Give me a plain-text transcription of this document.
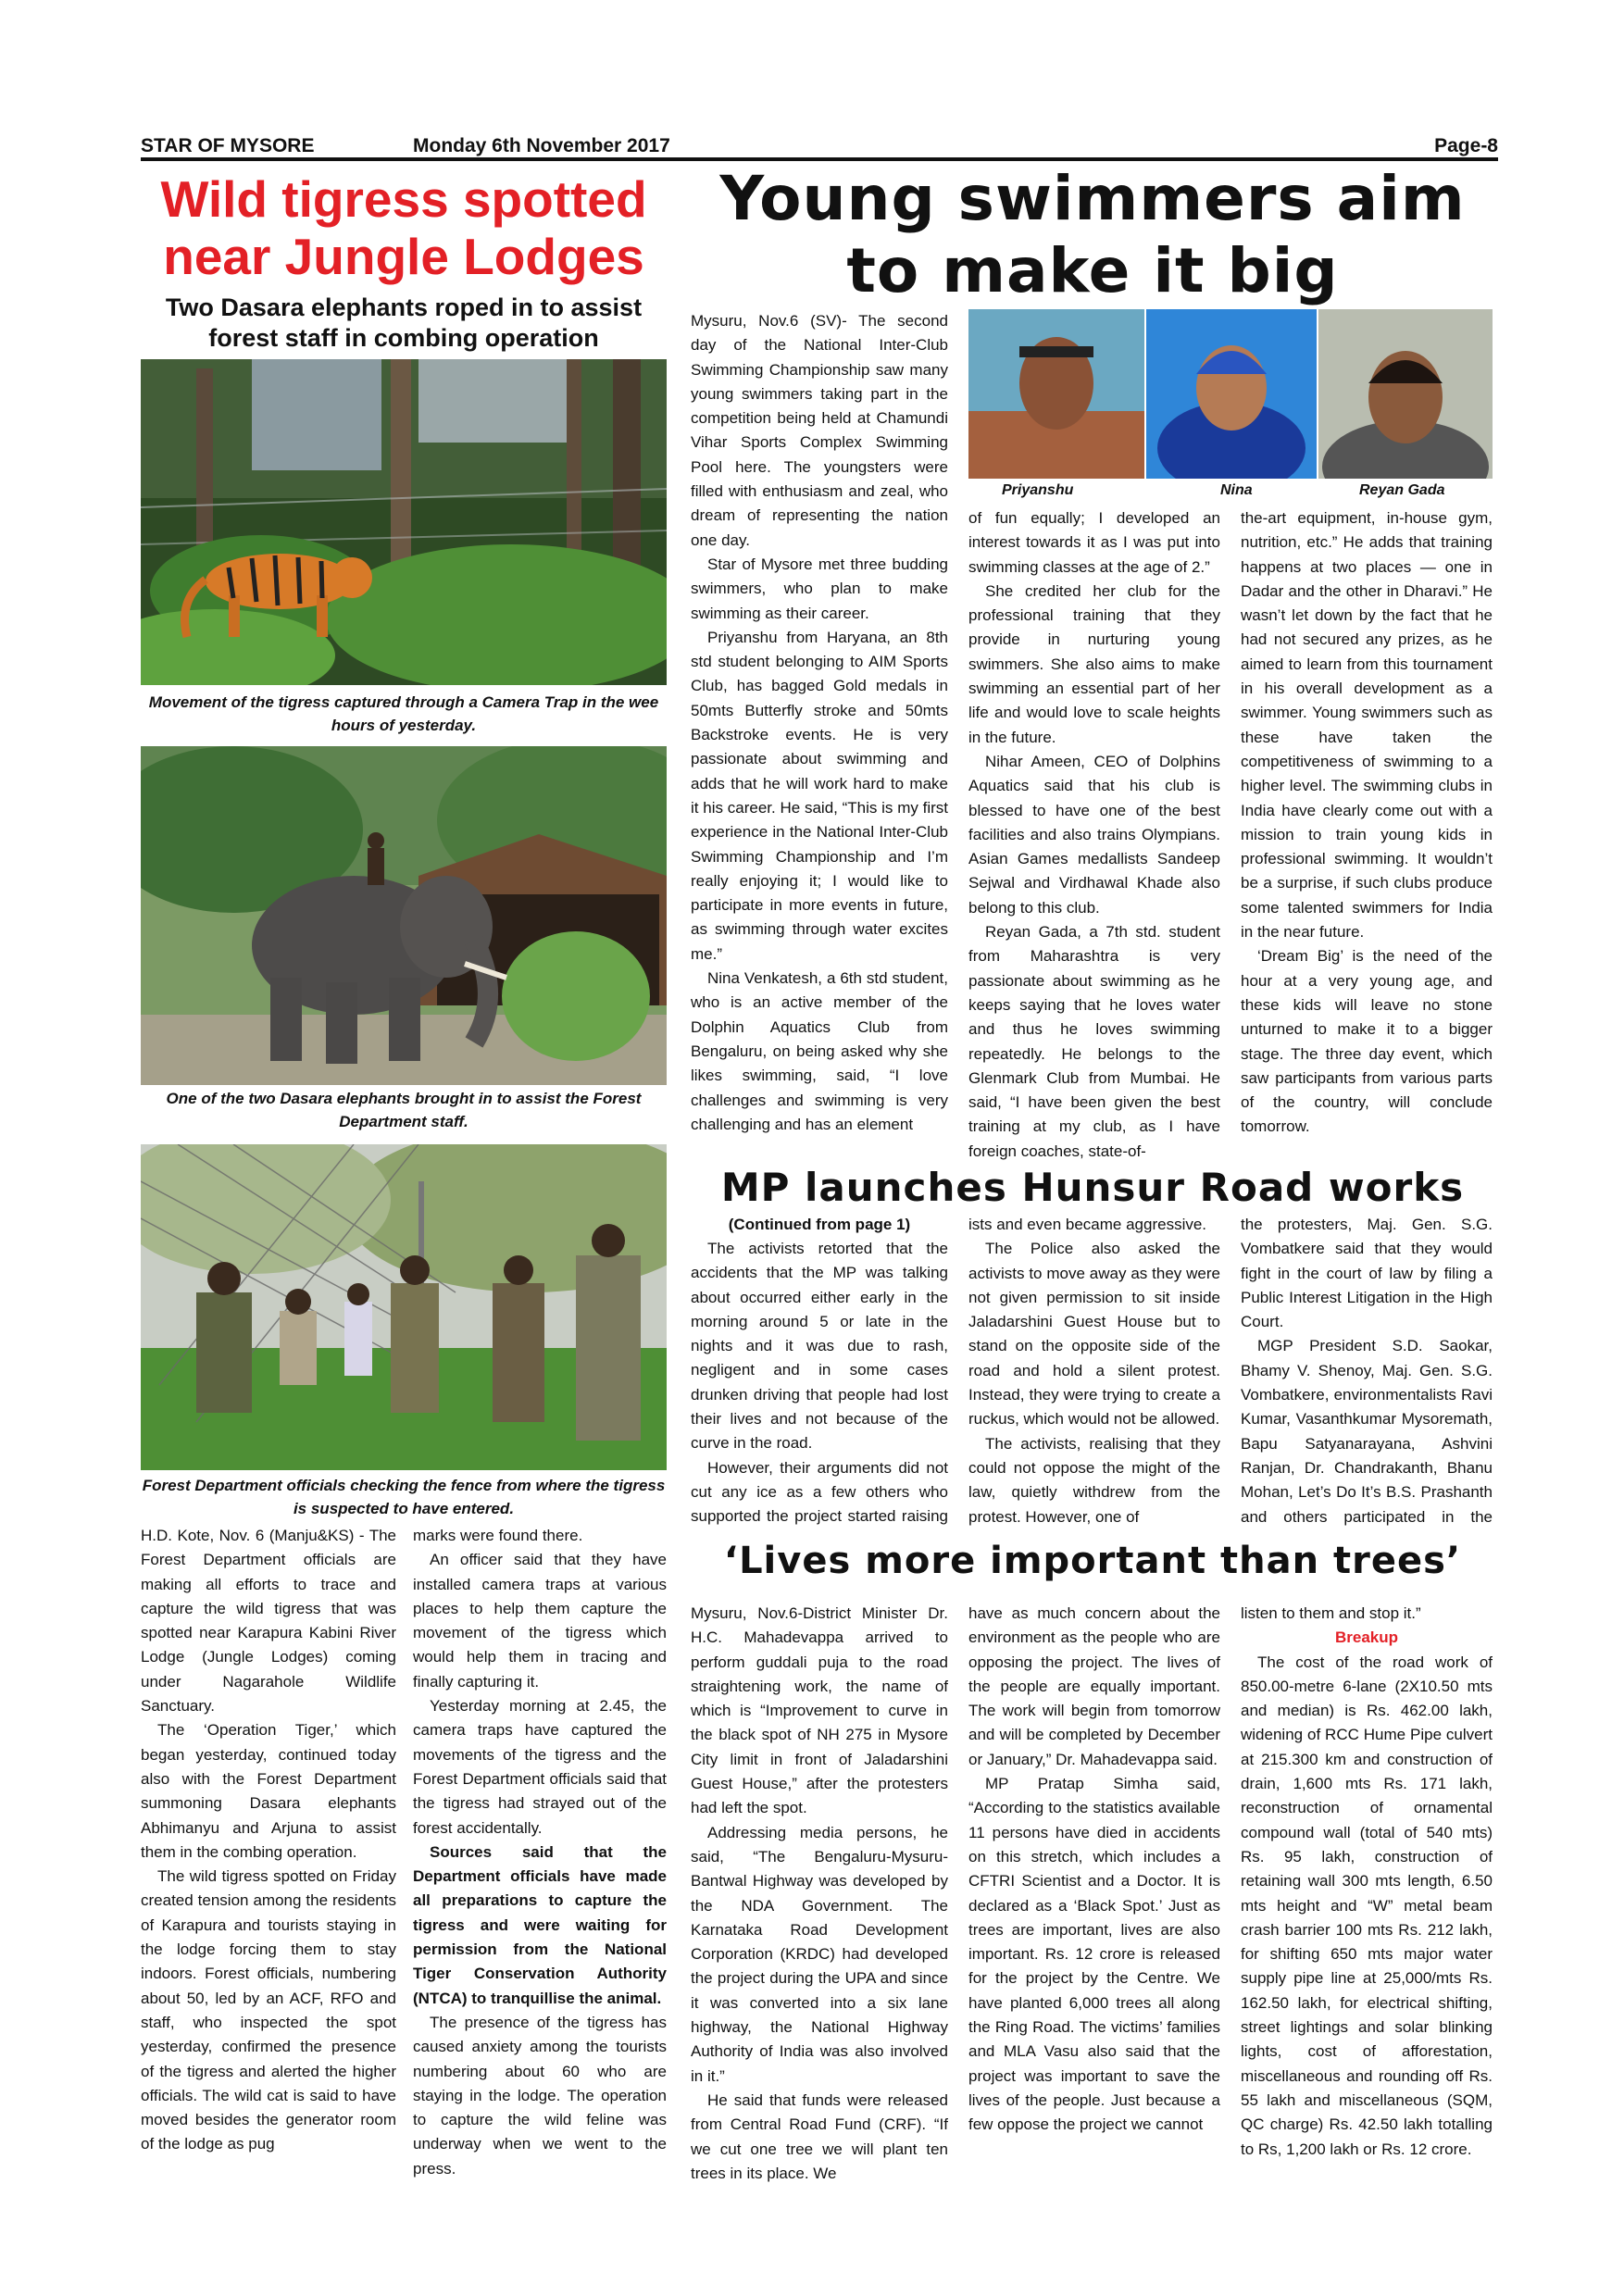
STAR OF MYSORE	Monday 6th November 2017	Page-8
Wild tigress spotted
near Jungle Lodges
Two Dasara elephants roped in to assist
forest staff in combing operation
Movement of the tigress captured through a Camera Trap in the wee hours of yesterday.
One of the two Dasara elephants brought in to assist the Forest Department staff.
Forest Department officials checking the fence from where the tigress is suspected to have entered.

H.D. Kote, Nov. 6 (Manju&KS) - The Forest Department officials are making all efforts to trace and capture the wild tigress that was spotted near Karapura Kabini River Lodge (Jungle Lodges) coming under Nagarahole Wildlife Sanctuary.

The ‘Operation Tiger,’ which began yesterday, continued today also with the Forest Department summoning Dasara elephants Abhimanyu and Arjuna to assist them in the combing operation.

The wild tigress spotted on Friday created tension among the residents of Karapura and tourists staying in the lodge forcing them to stay indoors. Forest officials, numbering about 50, led by an ACF, RFO and staff, who inspected the spot yesterday, confirmed the presence of the tigress and alerted the higher officials. The wild cat is said to have moved besides the generator room of the lodge as pug

marks were found there.

An officer said that they have installed camera traps at various places to help them capture the movement of the tigress which would help them in tracing and finally capturing it.

Yesterday morning at 2.45, the camera traps have captured the movements of the tigress and the Forest Department officials said that the tigress had strayed out of the forest accidentally.

Sources said that the Department officials have made all preparations to capture the tigress and were waiting for permission from the National Tiger Conservation Authority (NTCA) to tranquillise the animal.

The presence of the tigress has caused anxiety among the tourists numbering about 60 who are staying in the lodge. The operation to capture the wild feline was underway when we went to the press.

Young swimmers aim
to make it big
Priyanshu	Nina	Reyan Gada

Mysuru, Nov.6 (SV)- The second day of the National Inter-Club Swimming Championship saw many young swimmers taking part in the competition being held at Chamundi Vihar Sports Complex Swimming Pool here. The youngsters were filled with enthusiasm and zeal, who dream of representing the nation one day.

Star of Mysore met three budding swimmers, who plan to make swimming as their career.

Priyanshu from Haryana, an 8th std student belonging to AIM Sports Club, has bagged Gold medals in 50mts Butterfly stroke and 50mts Backstroke events. He is very passionate about swimming and adds that he will work hard to make it his career. He said, “This is my first experience in the National Inter-Club Swimming Championship and I’m really enjoying it; I would like to participate in more events in future, as swimming through water excites me.”

Nina Venkatesh, a 6th std student, who is an active member of the Dolphin Aquatics Club from Bengaluru, on being asked why she likes swimming, said, “I love challenges and swimming is very challenging and has an element

of fun equally; I developed an interest towards it as I was put into swimming classes at the age of 2.”

She credited her club for the professional training that they provide in nurturing young swimmers. She also aims to make swimming an essential part of her life and would love to scale heights in the future.

Nihar Ameen, CEO of Dolphins Aquatics said that his club is blessed to have one of the best facilities and also trains Olympians. Asian Games medallists Sandeep Sejwal and Virdhawal Khade also belong to this club.

Reyan Gada, a 7th std. student from Maharashtra is very passionate about swimming as he keeps saying that he loves water and thus he loves swimming repeatedly. He belongs to the Glenmark Club from Mumbai. He said, “I have been given the best training at my club, as I have foreign coaches, state-of-

the-art equipment, in-house gym, nutrition, etc.” He adds that training happens at two places — one in Dadar and the other in Dharavi.” He wasn’t let down by the fact that he had not secured any prizes, as he aimed to learn from this tournament in his overall development as a swimmer. Young swimmers such as these have taken the competitiveness of swimming to a higher level. The swimming clubs in India have clearly come out with a mission to train young kids in professional swimming. It wouldn’t be a surprise, if such clubs produce some talented swimmers for India in the near future.

‘Dream Big’ is the need of the hour at a very young age, and these kids will leave no stone unturned to make it to a bigger stage. The three day event, which saw participants from various parts of the country, will conclude tomorrow.

MP launches Hunsur Road works
(Continued from page 1)

The activists retorted that the accidents that the MP was talking about occurred either early in the morning around 5 or late in the nights and it was due to rash, negligent and in some cases drunken driving that people had lost their lives and not because of the curve in the road.

However, their arguments did not cut any ice as a few others who supported the project started raising

ists and even became aggressive.

The Police also asked the activists to move away as they were not given permission to sit inside Jaladarshini Guest House but to stand on the opposite side of the road and hold a silent protest. Instead, they were trying to create a ruckus, which would not be allowed.

The activists, realising that they could not oppose the might of the law, quietly withdrew from the protest. However, one of

the protesters, Maj. Gen. S.G. Vombatkere said that they would fight in the court of law by filing a Public Interest Litigation in the High Court.

MGP President S.D. Saokar, Bhamy V. Shenoy, Maj. Gen. S.G. Vombatkere, environmentalists Ravi Kumar, Vasanthkumar Mysoremath, Bapu Satyanarayana, Ashvini Ranjan, Dr. Chandrakanth, Bhanu Mohan, Let’s Do It’s B.S. Prashanth and others participated in the

‘Lives more important than trees’

Mysuru, Nov.6-District Minister Dr. H.C. Mahadevappa arrived to perform guddali puja to the road straightening work, the name of which is “Improvement to curve in the black spot of NH 275 in Mysore City limit in front of Jaladarshini Guest House,” after the protesters had left the spot.

Addressing media persons, he said, “The Bengaluru-Mysuru-Bantwal Highway was developed by the NDA Government. The Karnataka Road Development Corporation (KRDC) had developed the project during the UPA and since it was converted into a six lane highway, the National Highway Authority of India was also involved in it.”

He said that funds were released from Central Road Fund (CRF). “If we cut one tree we will plant ten trees in its place. We

have as much concern about the environment as the people who are opposing the project. The lives of the people are equally important. The work will begin from tomorrow and will be completed by December or January,” Dr. Mahadevappa said.

MP Pratap Simha said, “According to the statistics available 11 persons have died in accidents on this stretch, which includes a CFTRI Scientist and a Doctor. It is declared as a ‘Black Spot.’ Just as trees are important, lives are also important. Rs. 12 crore is released for the project by the Centre. We have planted 6,000 trees all along the Ring Road. The victims’ families and MLA Vasu also said that the project was important to save the lives of the people. Just because a few oppose the project we cannot

listen to them and stop it.”

Breakup

The cost of the road work of 850.00-metre 6-lane (2X10.50 mts and median) is Rs. 462.00 lakh, widening of RCC Hume Pipe culvert at 215.300 km and construction of drain, 1,600 mts Rs. 171 lakh, reconstruction of ornamental compound wall (total of 540 mts) Rs. 95 lakh, construction of retaining wall 300 mts length, 6.50 mts height and “W” metal beam crash barrier 100 mts Rs. 212 lakh, for shifting 650 mts major water supply pipe line at 25,000/mts Rs. 162.50 lakh, for electrical shifting, street lightings and solar blinking lights, cost of afforestation, miscellaneous and rounding off Rs. 55 lakh and miscellaneous (SQM, QC charge) Rs. 42.50 lakh totalling to Rs, 1,200 lakh or Rs. 12 crore.
